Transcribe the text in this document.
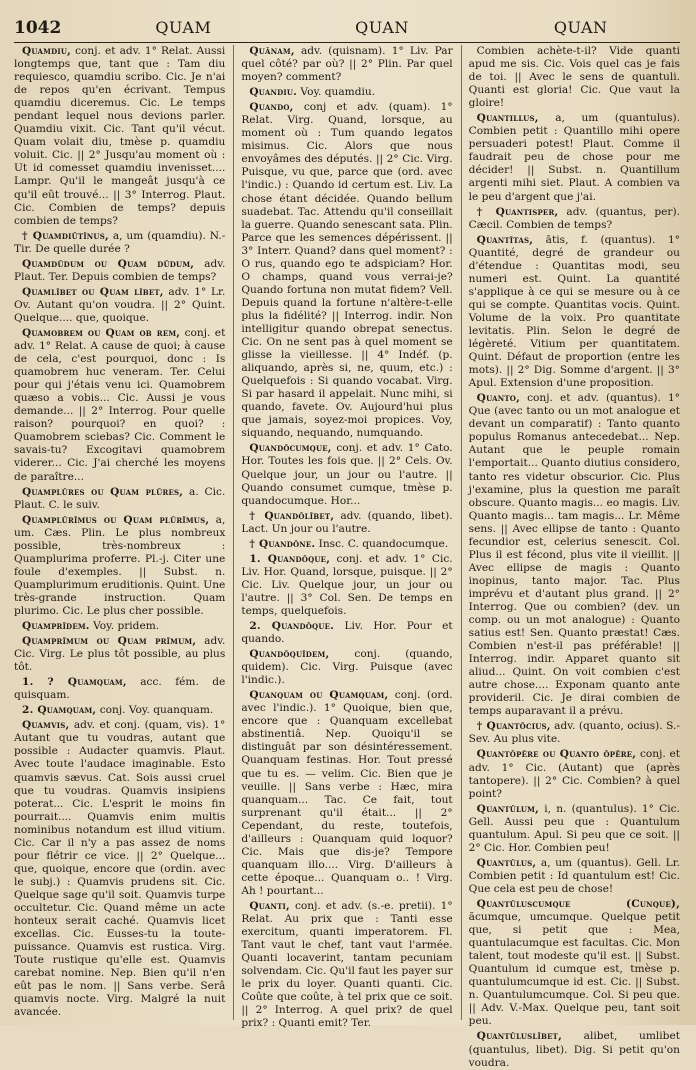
1042	QUAM	QUAN	QUAN

Quamdiu, conj. et adv. 1° Relat. Aussi longtemps que, tant que : Tam diu requiesco, quamdiu scribo. Cic. Je n'ai de repos qu'en écrivant. Tempus quamdiu diceremus. Cic. Le temps pendant lequel nous devions parler. Quamdiu vixit. Cic. Tant qu'il vécut. Quam volait diu, tmèse p. quamdiu voluit. Cic. || 2° Jusqu'au moment où : Ut id comesset quamdiu invenisset.... Lampr. Qu'il le mangeât jusqu'à ce qu'il eût trouvé... || 3° Interrog. Plaut. Cic. Combien de temps? depuis combien de temps?

† Quamdiūtĭnus, a, um (quamdiu). N.-Tir. De quelle durée ?

Quamdūdum ou Quam dūdum, adv. Plaut. Ter. Depuis combien de temps?

Quamlĭbet ou Quam lĭbet, adv. 1° Lr. Ov. Autant qu'on voudra. || 2° Quint. Quelque.... que, quoique.

Quamobrem ou Quam ob rem, conj. et adv. 1° Relat. A cause de quoi; à cause de cela, c'est pourquoi, donc : Is quamobrem huc veneram. Ter. Celui pour qui j'étais venu ici. Quamobrem quæso a vobis... Cic. Aussi je vous demande... || 2° Interrog. Pour quelle raison? pourquoi? en quoi? : Quamobrem sciebas? Cic. Comment le savais-tu? Excogitavi quamobrem viderer... Cic. J'ai cherché les moyens de paraître...

Quamplūres ou Quam plūres, a. Cic. Plaut. C. le suiv.

Quamplūrĭmus ou Quam plūrĭmus, a, um. Cæs. Plin. Le plus nombreux possible, très-nombreux : Quamplurima proferre. Pl.-j. Citer une foule d'exemples. || Subst. n. Quamplurimum eruditionis. Quint. Une très-grande instruction. Quam plurimo. Cic. Le plus cher possible.

Quamprīdem. Voy. pridem.

Quamprīmum ou Quam prīmum, adv. Cic. Virg. Le plus tôt possible, au plus tôt.

1. ? Quamquam, acc. fém. de quisquam.

2. Quamquam, conj. Voy. quanquam.

Quamvis, adv. et conj. (quam, vis). 1° Autant que tu voudras, autant que possible : Audacter quamvis. Plaut. Avec toute l'audace imaginable. Esto quamvis sævus. Cat. Sois aussi cruel que tu voudras. Quamvis insipiens poterat... Cic. L'esprit le moins fin pourrait.... Quamvis enim multis nominibus notandum est illud vitium. Cic. Car il n'y a pas assez de noms pour flétrir ce vice. || 2° Quelque... que, quoique, encore que (ordin. avec le subj.) : Quamvis prudens sit. Cic. Quelque sage qu'il soit. Quamvis turpe occultetur. Cic. Quand même un acte honteux serait caché. Quamvis licet excellas. Cic. Eusses-tu la toute-puissance. Quamvis est rustica. Virg. Toute rustique qu'elle est. Quamvis carebat nomine. Nep. Bien qu'il n'en eût pas le nom. || Sans verbe. Serâ quamvis nocte. Virg. Malgré la nuit avancée.

Quānam, adv. (quisnam). 1° Liv. Par quel côté? par où? || 2° Plin. Par quel moyen? comment?

Quandiu. Voy. quamdiu.

Quando, conj et adv. (quam). 1° Relat. Virg. Quand, lorsque, au moment où : Tum quando legatos misimus. Cic. Alors que nous envoyâmes des députés. || 2° Cic. Virg. Puisque, vu que, parce que (ord. avec l'indic.) : Quando id certum est. Liv. La chose étant décidée. Quando bellum suadebat. Tac. Attendu qu'il conseillait la guerre. Quando senescant sata. Plin. Parce que les semences dépérissent. || 3° Interr. Quand? dans quel moment? : O rus, quando ego te adspiciam? Hor. O champs, quand vous verrai-je? Quando fortuna non mutat fidem? Vell. Depuis quand la fortune n'altère-t-elle plus la fidélité? || Interrog. indir. Non intelligitur quando obrepat senectus. Cic. On ne sent pas à quel moment se glisse la vieillesse. || 4° Indéf. (p. aliquando, après si, ne, quum, etc.) : Quelquefois : Si quando vocabat. Virg. Si par hasard il appelait. Nunc mihi, si quando, favete. Ov. Aujourd'hui plus que jamais, soyez-moi propices. Voy, siquando, nequando, numquando.

Quandŏcumque, conj. et adv. 1° Cato. Hor. Toutes les fois que. || 2° Cels. Ov. Quelque jour, un jour ou l'autre. || Quando consumet cumque, tmèse p. quandocumque. Hor...

† Quandōlĭbet, adv. (quando, libet). Lact. Un jour ou l'autre.

† Quandōne. Insc. C. quandocumque.

1. Quandōque, conj. et adv. 1° Cic. Liv. Hor. Quand, lorsque, puisque. || 2° Cic. Liv. Quelque jour, un jour ou l'autre. || 3° Col. Sen. De temps en temps, quelquefois.

2. Quandōque. Liv. Hor. Pour et quando.

Quandŏquĭdem, conj. (quando, quidem). Cic. Virg. Puisque (avec l'indic.).

Quanquam ou Quamquam, conj. (ord. avec l'indic.). 1° Quoique, bien que, encore que : Quanquam excellebat abstinentiâ. Nep. Quoiqu'il se distinguât par son désintéressement. Quanquam festinas. Hor. Tout pressé que tu es. — velim. Cic. Bien que je veuille. || Sans verbe : Hæc, mira quanquam... Tac. Ce fait, tout surprenant qu'il était... || 2° Cependant, du reste, toutefois, d'ailleurs : Quanquam quid loquor? Cic. Mais que dis-je? Tempore quanquam illo.... Virg. D'ailleurs à cette époque... Quanquam o.. ! Virg. Ah ! pourtant...

Quanti, conj. et adv. (s.-e. pretii). 1° Relat. Au prix que : Tanti esse exercitum, quanti imperatorem. Fl. Tant vaut le chef, tant vaut l'armée. Quanti locaverint, tantam pecuniam solvendam. Cic. Qu'il faut les payer sur le prix du loyer. Quanti quanti. Cic. Coûte que coûte, à tel prix que ce soit. || 2° Interrog. A quel prix? de quel prix? : Quanti emit? Ter.

Combien achète-t-il? Vide quanti apud me sis. Cic. Vois quel cas je fais de toi. || Avec le sens de quantuli. Quanti est gloria! Cic. Que vaut la gloire!

Quantillus, a, um (quantulus). Combien petit : Quantillo mihi opere persuaderi potest! Plaut. Comme il faudrait peu de chose pour me décider! || Subst. n. Quantillum argenti mihi siet. Plaut. A combien va le peu d'argent que j'ai.

† Quantisper, adv. (quantus, per). Cæcil. Combien de temps?

Quantĭtas, ātis, f. (quantus). 1° Quantité, degré de grandeur ou d'étendue : Quantitas modi, seu numeri est. Quint. La quantité s'applique à ce qui se mesure ou à ce qui se compte. Quantitas vocis. Quint. Volume de la voix. Pro quantitate levitatis. Plin. Selon le degré de légèreté. Vitium per quantitatem. Quint. Défaut de proportion (entre les mots). || 2° Dig. Somme d'argent. || 3° Apul. Extension d'une proposition.

Quanto, conj. et adv. (quantus). 1° Que (avec tanto ou un mot analogue et devant un comparatif) : Tanto quanto populus Romanus antecedebat... Nep. Autant que le peuple romain l'emportait... Quanto diutius considero, tanto res videtur obscurior. Cic. Plus j'examine, plus la question me paraît obscure. Quanto magis... eo magis. Liv. Quanto magis... tam magis... Lr. Même sens. || Avec ellipse de tanto : Quanto fecundior est, celerius senescit. Col. Plus il est fécond, plus vite il vieillit. || Avec ellipse de magis : Quanto inopinus, tanto major. Tac. Plus imprévu et d'autant plus grand. || 2° Interrog. Que ou combien? (dev. un comp. ou un mot analogue) : Quanto satius est! Sen. Quanto præstat! Cæs. Combien n'est-il pas préférable! || Interrog. indir. Apparet quanto sit aliud... Quint. On voit combien c'est autre chose.... Exponam quanto ante provideril. Cic. Je dirai combien de temps auparavant il a prévu.

† Quantōcius, adv. (quanto, ocius). S.-Sev. Au plus vite.

Quantōpĕre ou Quanto ŏpĕre, conj. et adv. 1° Cic. (Autant) que (après tantopere). || 2° Cic. Combien? à quel point?

Quantŭlum, i, n. (quantulus). 1° Cic. Gell. Aussi peu que : Quantulum quantulum. Apul. Si peu que ce soit. || 2° Cic. Hor. Combien peu!

Quantŭlus, a, um (quantus). Gell. Lr. Combien petit : Id quantulum est! Cic. Que cela est peu de chose!

Quantŭluscumque (Cunque), ăcumque, umcumque. Quelque petit que, si petit que : Mea, quantulacumque est facultas. Cic. Mon talent, tout modeste qu'il est. || Subst. Quantulum id cumque est, tmèse p. quantulumcumque id est. Cic. || Subst. n. Quantulumcumque. Col. Si peu que. || Adv. V.-Max. Quelque peu, tant soit peu.

Quantŭluslĭbet, alibet, umlibet (quantulus, libet). Dig. Si petit qu'on voudra.
